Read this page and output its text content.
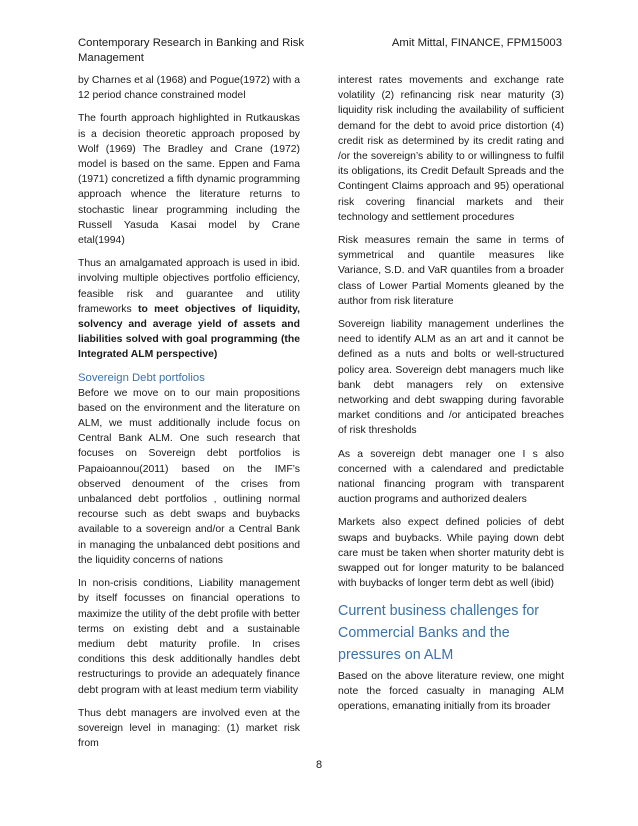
Contemporary Research in Banking and Risk Management
Amit Mittal, FINANCE, FPM15003

by Charnes et al (1968) and Pogue(1972) with a 12 period chance constrained model

The fourth approach highlighted in Rutkauskas is a decision theoretic approach proposed by Wolf (1969) The Bradley and Crane (1972) model is based on the same. Eppen and Fama (1971) concretized a fifth dynamic programming approach whence the literature returns to stochastic linear programming including the Russell Yasuda Kasai model by Crane etal(1994)

Thus an amalgamated approach is used in ibid. involving multiple objectives portfolio efficiency, feasible risk and guarantee and utility frameworks to meet objectives of liquidity, solvency and average yield of assets and liabilities solved with goal programming (the Integrated ALM perspective)

Sovereign Debt portfolios

Before we move on to our main propositions based on the environment and the literature on ALM, we must additionally include focus on Central Bank ALM. One such research that focuses on Sovereign debt portfolios is Papaioannou(2011) based on the IMF’s observed denoument of the crises from unbalanced debt portfolios , outlining normal recourse such as debt swaps and buybacks available to a sovereign and/or a Central Bank in managing the unbalanced debt positions and the liquidity concerns of nations

In non-crisis conditions, Liability management by itself focusses on financial operations to maximize the utility of the debt profile with better terms on existing debt and a sustainable medium debt maturity profile. In crises conditions this desk additionally handles debt restructurings to provide an adequately finance debt program with at least medium term viability

Thus debt managers are involved even at the sovereign level in managing: (1) market risk from

interest rates movements and exchange rate volatility (2) refinancing risk near maturity (3) liquidity risk including the availability of sufficient demand for the debt to avoid price distortion (4) credit risk as determined by its credit rating and /or the sovereign’s ability to or willingness to fulfil its obligations, its Credit Default Spreads and the Contingent Claims approach and 95) operational risk covering financial markets and their technology and settlement procedures

Risk measures remain the same in terms of symmetrical and quantile measures like Variance, S.D. and VaR quantiles from a broader class of Lower Partial Moments gleaned by the author from risk literature

Sovereign liability management underlines the need to identify ALM as an art and it cannot be defined as a nuts and bolts or well-structured policy area. Sovereign debt managers much like bank debt managers rely on extensive networking and debt swapping during favorable market conditions and /or anticipated breaches of risk thresholds

As a sovereign debt manager one I s also concerned with a calendared and predictable national financing program with transparent auction programs and authorized dealers

Markets also expect defined policies of debt swaps and buybacks. While paying down debt care must be taken when shorter maturity debt is swapped out for longer maturity to be balanced with buybacks of longer term debt as well (ibid)

Current business challenges for Commercial Banks and the pressures on ALM

Based on the above literature review, one might note the forced casualty in managing ALM operations, emanating initially from its broader

8
